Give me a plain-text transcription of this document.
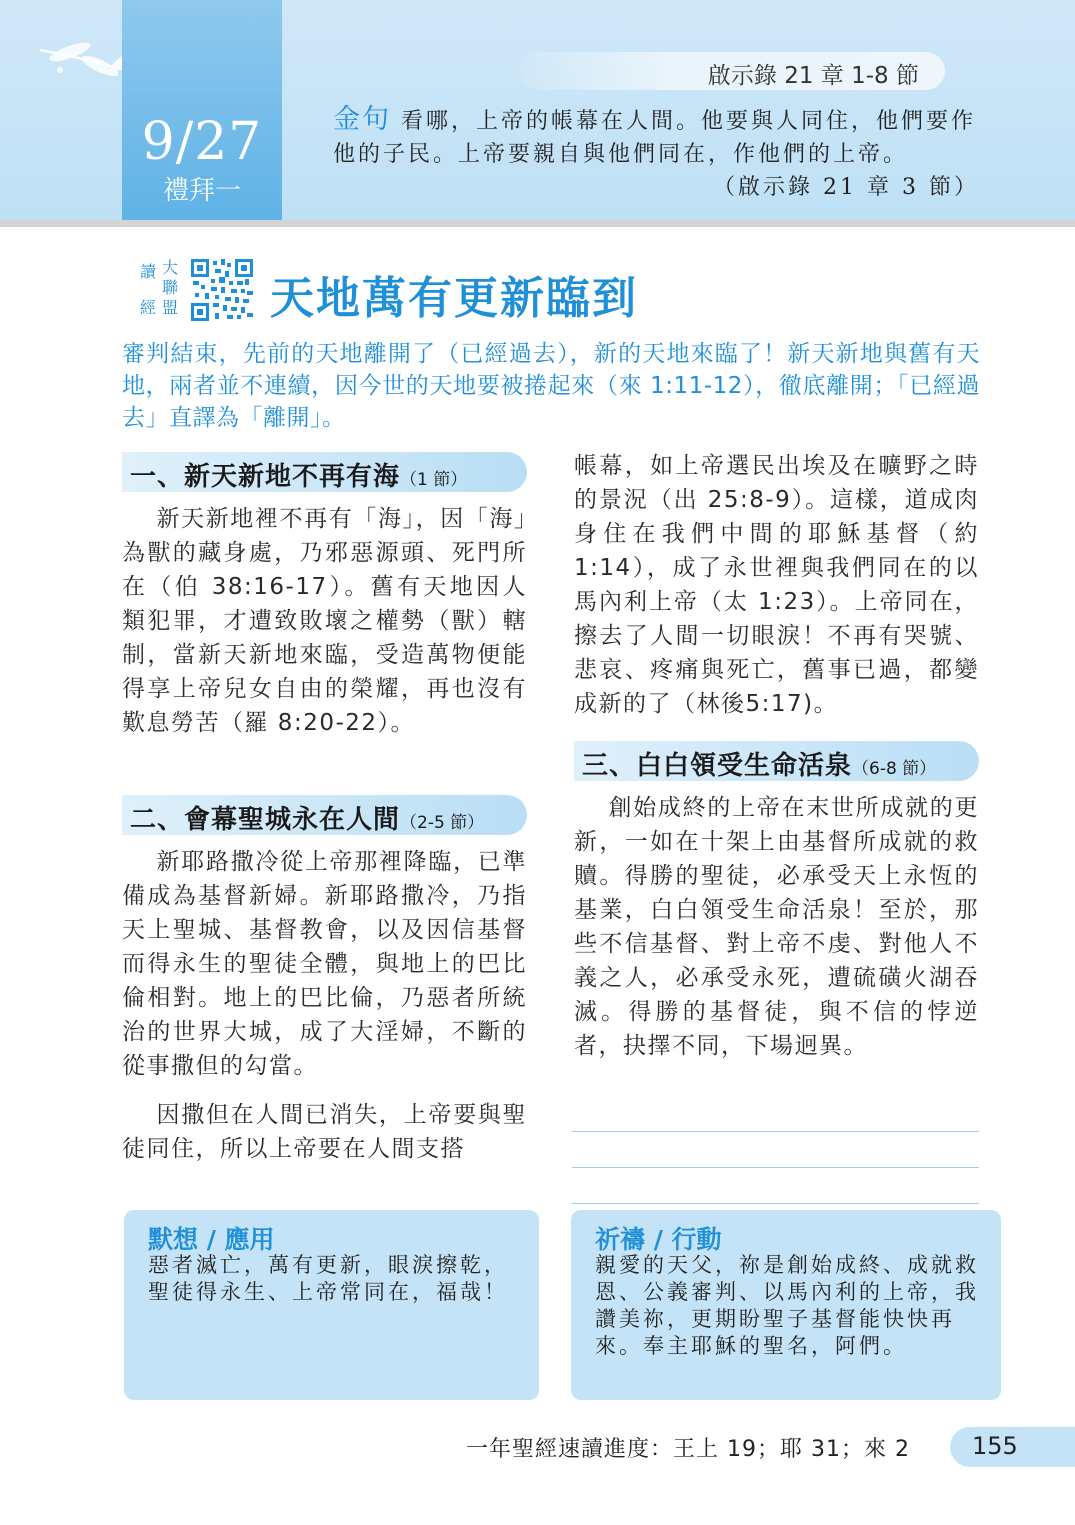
9/27
禮拜一
啟示錄 21 章 1-8 節
金句 看哪，上帝的帳幕在人間。他要與人同住，他們要作他的子民。上帝要親自與他們同在，作他們的上帝。
（啟示錄 21 章 3 節）
讀 大
聯
經 盟 天地萬有更新臨到
審判結束，先前的天地離開了（已經過去），新的天地來臨了！新天新地與舊有天地，兩者並不連續，因今世的天地要被捲起來（來 1:11-12），徹底離開；「已經過去」直譯為「離開」。
一、新天新地不再有海（1 節）
新天新地裡不再有「海」，因「海」為獸的藏身處，乃邪惡源頭、死門所在（伯 38:16-17）。舊有天地因人類犯罪，才遭致敗壞之權勢（獸）轄制，當新天新地來臨，受造萬物便能得享上帝兒女自由的榮耀，再也沒有歎息勞苦（羅 8:20-22）。
二、會幕聖城永在人間（2-5 節）
新耶路撒冷從上帝那裡降臨，已準備成為基督新婦。新耶路撒冷，乃指天上聖城、基督教會，以及因信基督而得永生的聖徒全體，與地上的巴比倫相對。地上的巴比倫，乃惡者所統治的世界大城，成了大淫婦，不斷的從事撒但的勾當。
因撒但在人間已消失，上帝要與聖徒同住，所以上帝要在人間支搭
帳幕，如上帝選民出埃及在曠野之時的景況（出 25:8-9）。這樣，道成肉身住在我們中間的耶穌基督（約 1:14），成了永世裡與我們同在的以馬內利上帝（太 1:23）。上帝同在，擦去了人間一切眼淚！不再有哭號、悲哀、疼痛與死亡，舊事已過，都變成新的了（林後5:17)。
三、白白領受生命活泉（6-8 節）
創始成終的上帝在末世所成就的更新，一如在十架上由基督所成就的救贖。得勝的聖徒，必承受天上永恆的基業，白白領受生命活泉！至於，那些不信基督、對上帝不虔、對他人不義之人，必承受永死，遭硫磺火湖吞滅。得勝的基督徒，與不信的悖逆者，抉擇不同，下場迥異。
默想 / 應用
惡者滅亡，萬有更新，眼淚擦乾，聖徒得永生、上帝常同在，福哉！
祈禱 / 行動
親愛的天父，祢是創始成終、成就救恩、公義審判、以馬內利的上帝，我讚美祢，更期盼聖子基督能快快再來。奉主耶穌的聖名，阿們。
一年聖經速讀進度：王上 19；耶 31；來 2	155
